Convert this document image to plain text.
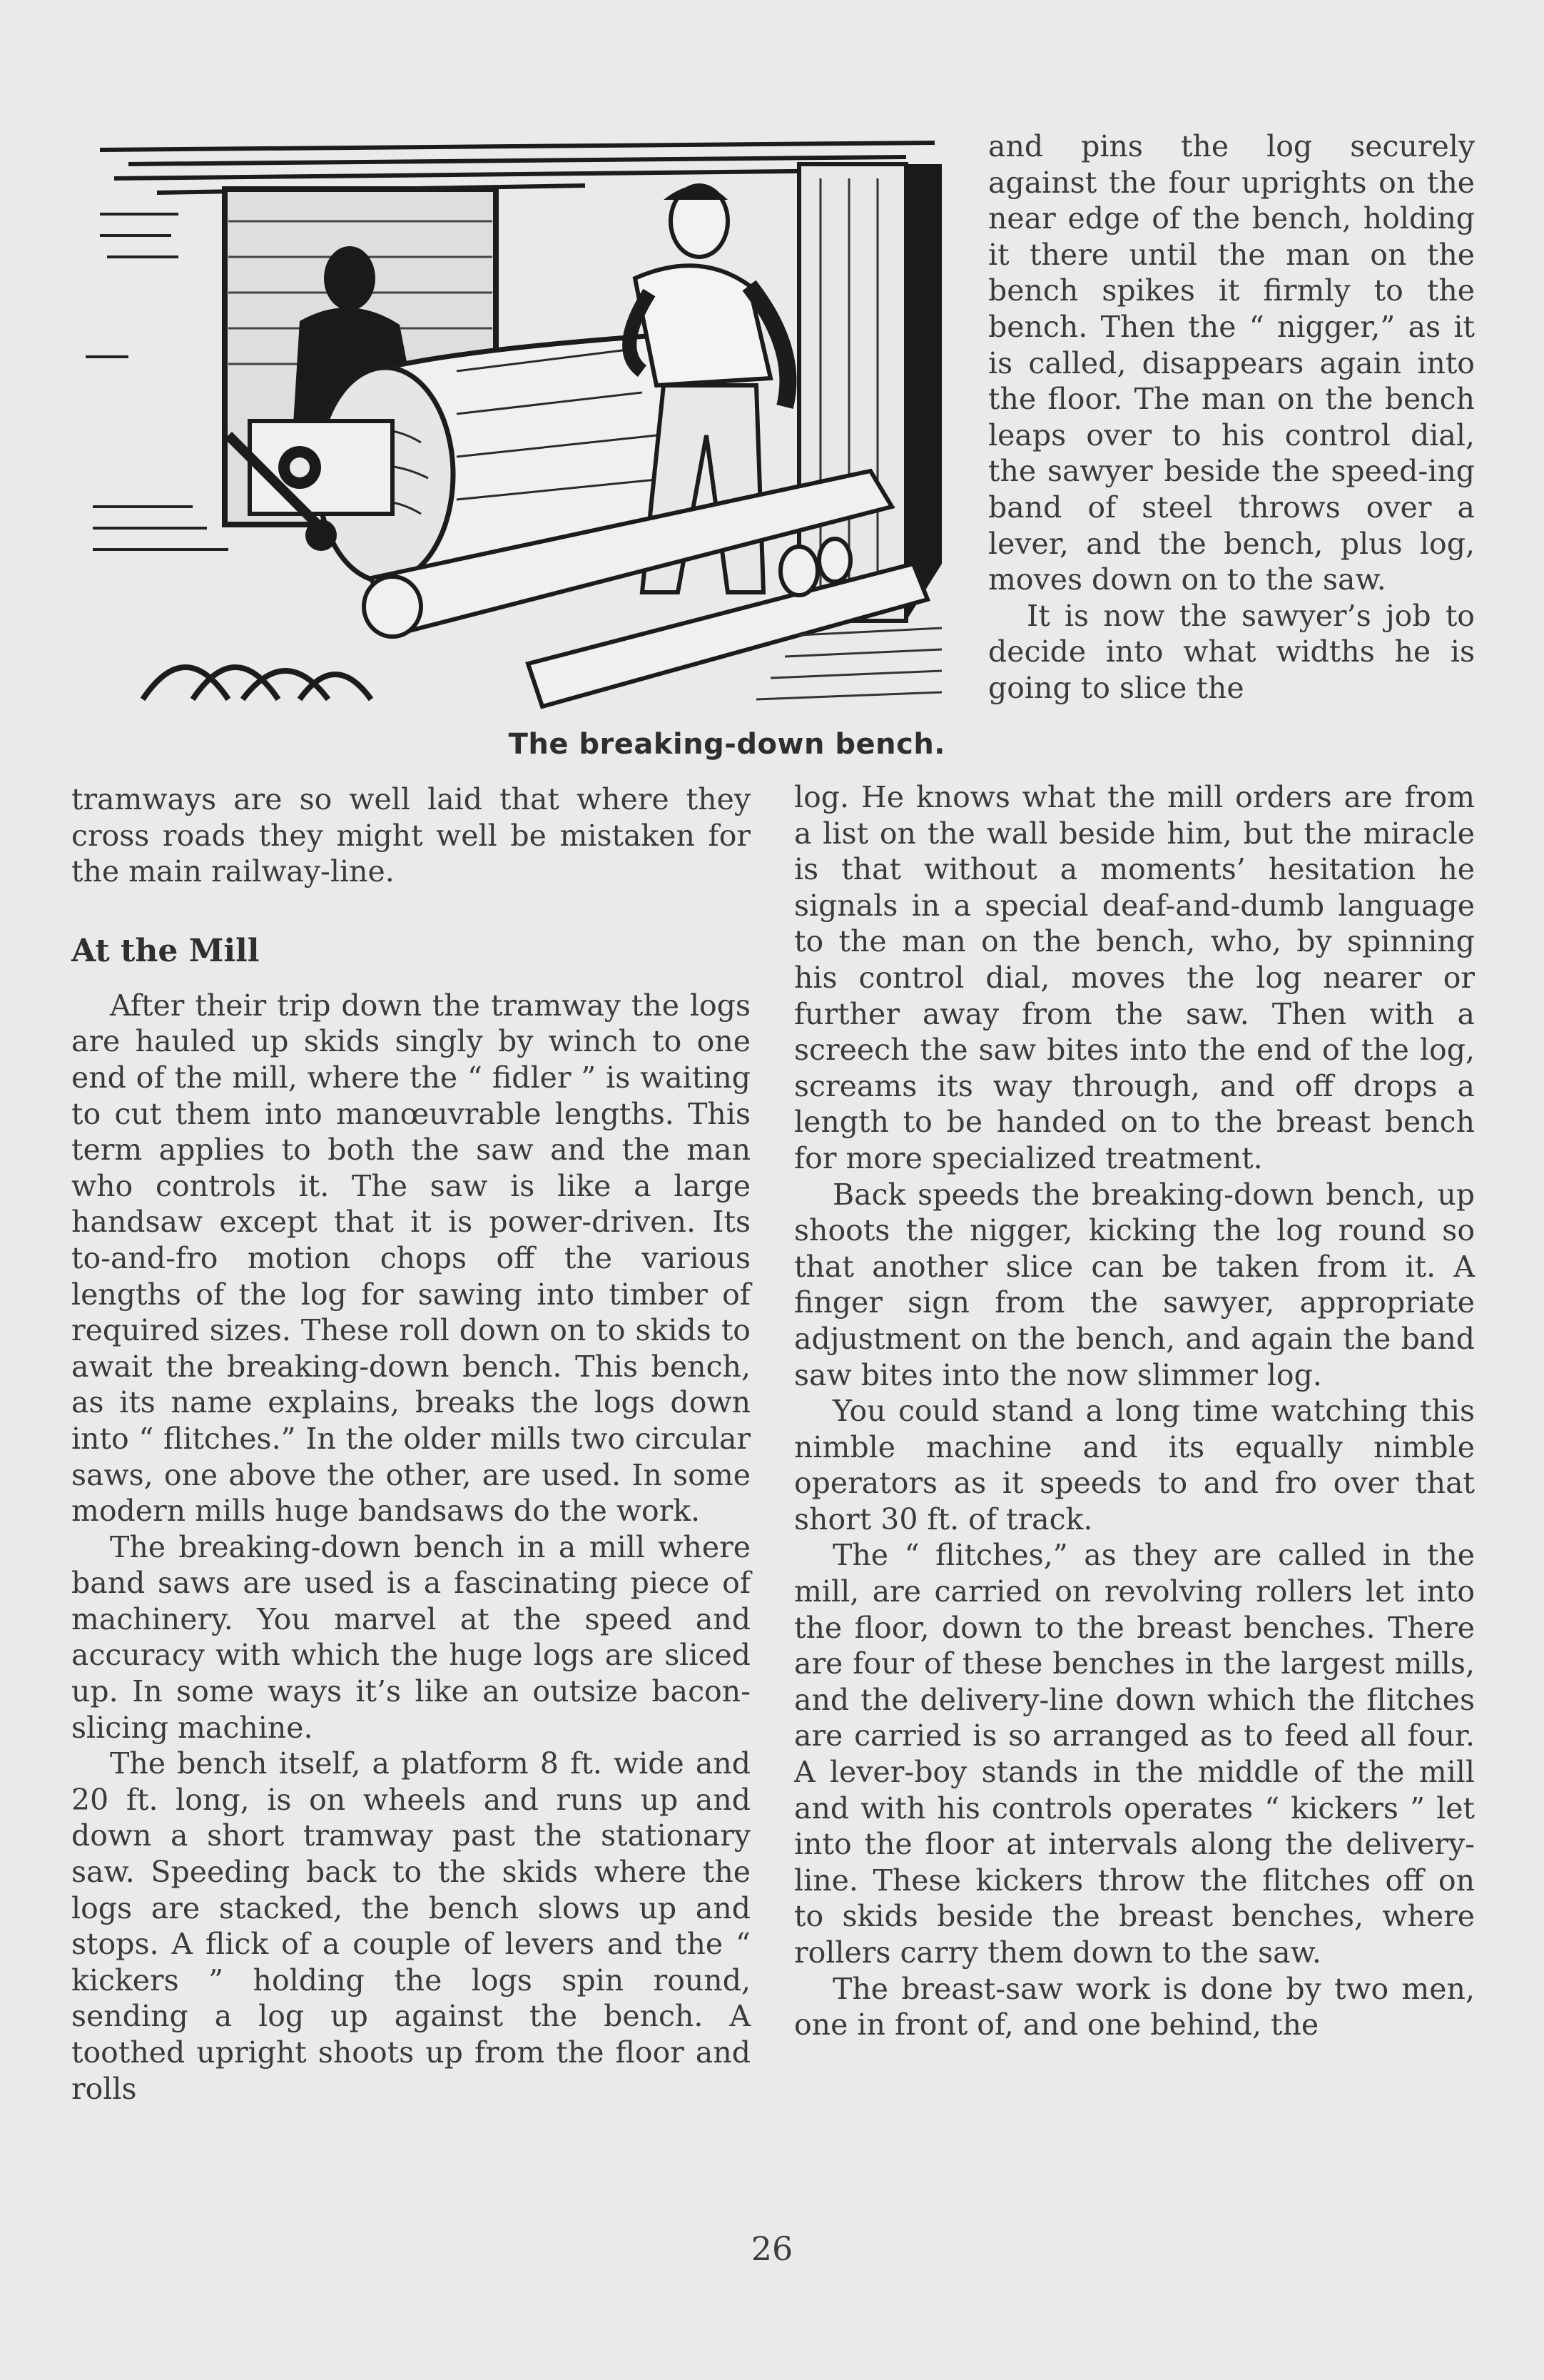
The breaking-down bench.

and pins the log securely against the four uprights on the near edge of the bench, holding it there until the man on the bench spikes it firmly to the bench. Then the “ nigger,” as it is called, disappears again into the floor. The man on the bench leaps over to his control dial, the sawyer beside the speed-ing band of steel throws over a lever, and the bench, plus log, moves down on to the saw.

It is now the sawyer’s job to decide into what widths he is going to slice the

tramways are so well laid that where they cross roads they might well be mistaken for the main railway-line.

At the Mill

After their trip down the tramway the logs are hauled up skids singly by winch to one end of the mill, where the “ fidler ” is waiting to cut them into manœuvrable lengths. This term applies to both the saw and the man who controls it. The saw is like a large handsaw except that it is power-driven. Its to-and-fro motion chops off the various lengths of the log for sawing into timber of required sizes. These roll down on to skids to await the breaking-down bench. This bench, as its name explains, breaks the logs down into “ flitches.” In the older mills two circular saws, one above the other, are used. In some modern mills huge bandsaws do the work.

The breaking-down bench in a mill where band saws are used is a fascinating piece of machinery. You marvel at the speed and accuracy with which the huge logs are sliced up. In some ways it’s like an outsize bacon-slicing machine.

The bench itself, a platform 8 ft. wide and 20 ft. long, is on wheels and runs up and down a short tramway past the stationary saw. Speeding back to the skids where the logs are stacked, the bench slows up and stops. A flick of a couple of levers and the “ kickers ” holding the logs spin round, sending a log up against the bench. A toothed upright shoots up from the floor and rolls

log. He knows what the mill orders are from a list on the wall beside him, but the miracle is that without a moments’ hesitation he signals in a special deaf-and-dumb language to the man on the bench, who, by spinning his control dial, moves the log nearer or further away from the saw. Then with a screech the saw bites into the end of the log, screams its way through, and off drops a length to be handed on to the breast bench for more specialized treatment.

Back speeds the breaking-down bench, up shoots the nigger, kicking the log round so that another slice can be taken from it. A finger sign from the sawyer, appropriate adjustment on the bench, and again the band saw bites into the now slimmer log.

You could stand a long time watching this nimble machine and its equally nimble operators as it speeds to and fro over that short 30 ft. of track.

The “ flitches,” as they are called in the mill, are carried on revolving rollers let into the floor, down to the breast benches. There are four of these benches in the largest mills, and the delivery-line down which the flitches are carried is so arranged as to feed all four. A lever-boy stands in the middle of the mill and with his controls operates “ kickers ” let into the floor at intervals along the delivery-line. These kickers throw the flitches off on to skids beside the breast benches, where rollers carry them down to the saw.

The breast-saw work is done by two men, one in front of, and one behind, the

26
